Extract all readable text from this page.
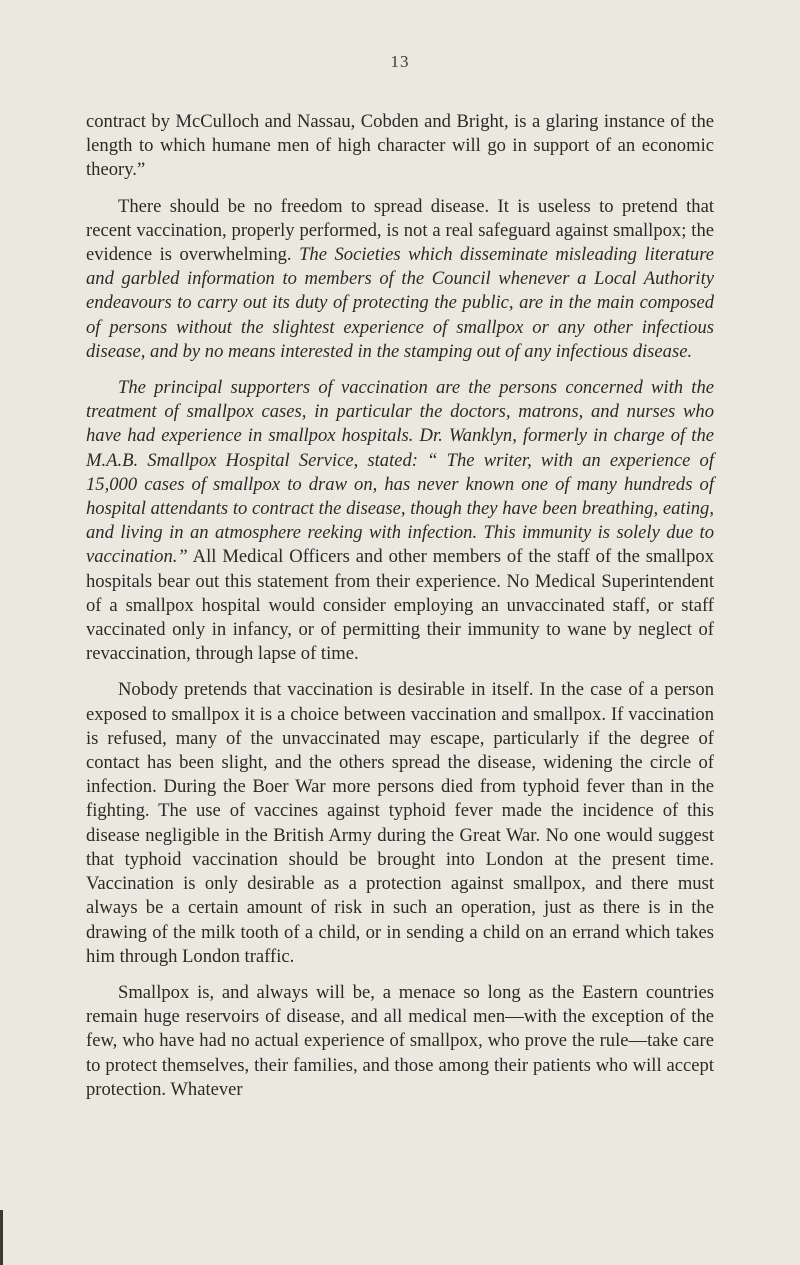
13

contract by McCulloch and Nassau, Cobden and Bright, is a glaring instance of the length to which humane men of high character will go in support of an economic theory.”

There should be no freedom to spread disease. It is useless to pretend that recent vaccination, properly performed, is not a real safeguard against smallpox; the evidence is overwhelming. The Societies which disseminate misleading literature and garbled information to members of the Council whenever a Local Authority endeavours to carry out its duty of protecting the public, are in the main composed of persons without the slightest experience of smallpox or any other infectious disease, and by no means interested in the stamping out of any infectious disease.

The principal supporters of vaccination are the persons concerned with the treatment of smallpox cases, in particular the doctors, matrons, and nurses who have had experience in smallpox hospitals. Dr. Wanklyn, formerly in charge of the M.A.B. Smallpox Hospital Service, stated: “ The writer, with an experience of 15,000 cases of smallpox to draw on, has never known one of many hundreds of hospital attendants to contract the disease, though they have been breathing, eating, and living in an atmosphere reeking with infection. This immunity is solely due to vaccination.” All Medical Officers and other members of the staff of the smallpox hospitals bear out this statement from their experience. No Medical Superintendent of a smallpox hospital would consider employing an unvaccinated staff, or staff vaccinated only in infancy, or of permitting their immunity to wane by neglect of revaccination, through lapse of time.

Nobody pretends that vaccination is desirable in itself. In the case of a person exposed to smallpox it is a choice between vaccination and smallpox. If vaccination is refused, many of the unvaccinated may escape, particularly if the degree of contact has been slight, and the others spread the disease, widening the circle of infection. During the Boer War more persons died from typhoid fever than in the fighting. The use of vaccines against typhoid fever made the incidence of this disease negligible in the British Army during the Great War. No one would suggest that typhoid vaccination should be brought into London at the present time. Vaccination is only desirable as a protection against smallpox, and there must always be a certain amount of risk in such an operation, just as there is in the drawing of the milk tooth of a child, or in sending a child on an errand which takes him through London traffic.

Smallpox is, and always will be, a menace so long as the Eastern countries remain huge reservoirs of disease, and all medical men—with the exception of the few, who have had no actual experience of smallpox, who prove the rule—take care to protect themselves, their families, and those among their patients who will accept protection. Whatever
